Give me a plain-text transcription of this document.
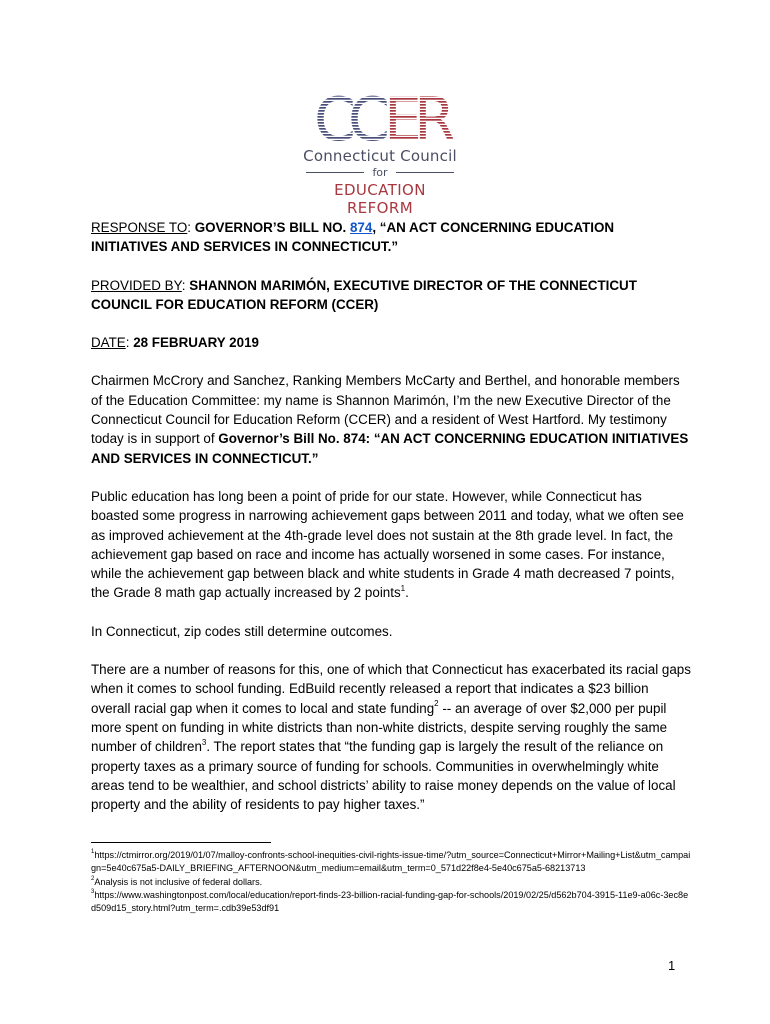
C
C
E
R
Connecticut Council
for
EDUCATION REFORM

RESPONSE TO: GOVERNOR’S BILL NO. 874, “AN ACT CONCERNING EDUCATION INITIATIVES AND SERVICES IN CONNECTICUT.”

PROVIDED BY: SHANNON MARIMÓN, EXECUTIVE DIRECTOR OF THE CONNECTICUT COUNCIL FOR EDUCATION REFORM (CCER)

DATE: 28 FEBRUARY 2019

Chairmen McCrory and Sanchez, Ranking Members McCarty and Berthel, and honorable members of the Education Committee: my name is Shannon Marimón, I’m the new Executive Director of the Connecticut Council for Education Reform (CCER) and a resident of West Hartford. My testimony today is in support of Governor’s Bill No. 874: “AN ACT CONCERNING EDUCATION INITIATIVES AND SERVICES IN CONNECTICUT.”

Public education has long been a point of pride for our state. However, while Connecticut has boasted some progress in narrowing achievement gaps between 2011 and today, what we often see as improved achievement at the 4th-grade level does not sustain at the 8th grade level. In fact, the achievement gap based on race and income has actually worsened in some cases. For instance, while the achievement gap between black and white students in Grade 4 math decreased 7 points, the Grade 8 math gap actually increased by 2 points$^1$.

In Connecticut, zip codes still determine outcomes.

There are a number of reasons for this, one of which that Connecticut has exacerbated its racial gaps when it comes to school funding. EdBuild recently released a report that indicates a $23 billion overall racial gap when it comes to local and state funding$^2$ -- an average of over $2,000 per pupil more spent on funding in white districts than non-white districts, despite serving roughly the same number of children$^3$. The report states that “the funding gap is largely the result of the reliance on property taxes as a primary source of funding for schools. Communities in overwhelmingly white areas tend to be wealthier, and school districts’ ability to raise money depends on the value of local property and the ability of residents to pay higher taxes.”

$^1$https://ctmirror.org/2019/01/07/malloy-confronts-school-inequities-civil-rights-issue-time/?utm_source=Connecticut+Mirror+Mailing+List&utm_campaign=5e40c675a5-DAILY_BRIEFING_AFTERNOON&utm_medium=email&utm_term=0_571d22f8e4-5e40c675a5-68213713

$^2$Analysis is not inclusive of federal dollars.

$^3$https://www.washingtonpost.com/local/education/report-finds-23-billion-racial-funding-gap-for-schools/2019/02/25/d562b704-3915-11e9-a06c-3ec8ed509d15_story.html?utm_term=.cdb39e53df91

1
